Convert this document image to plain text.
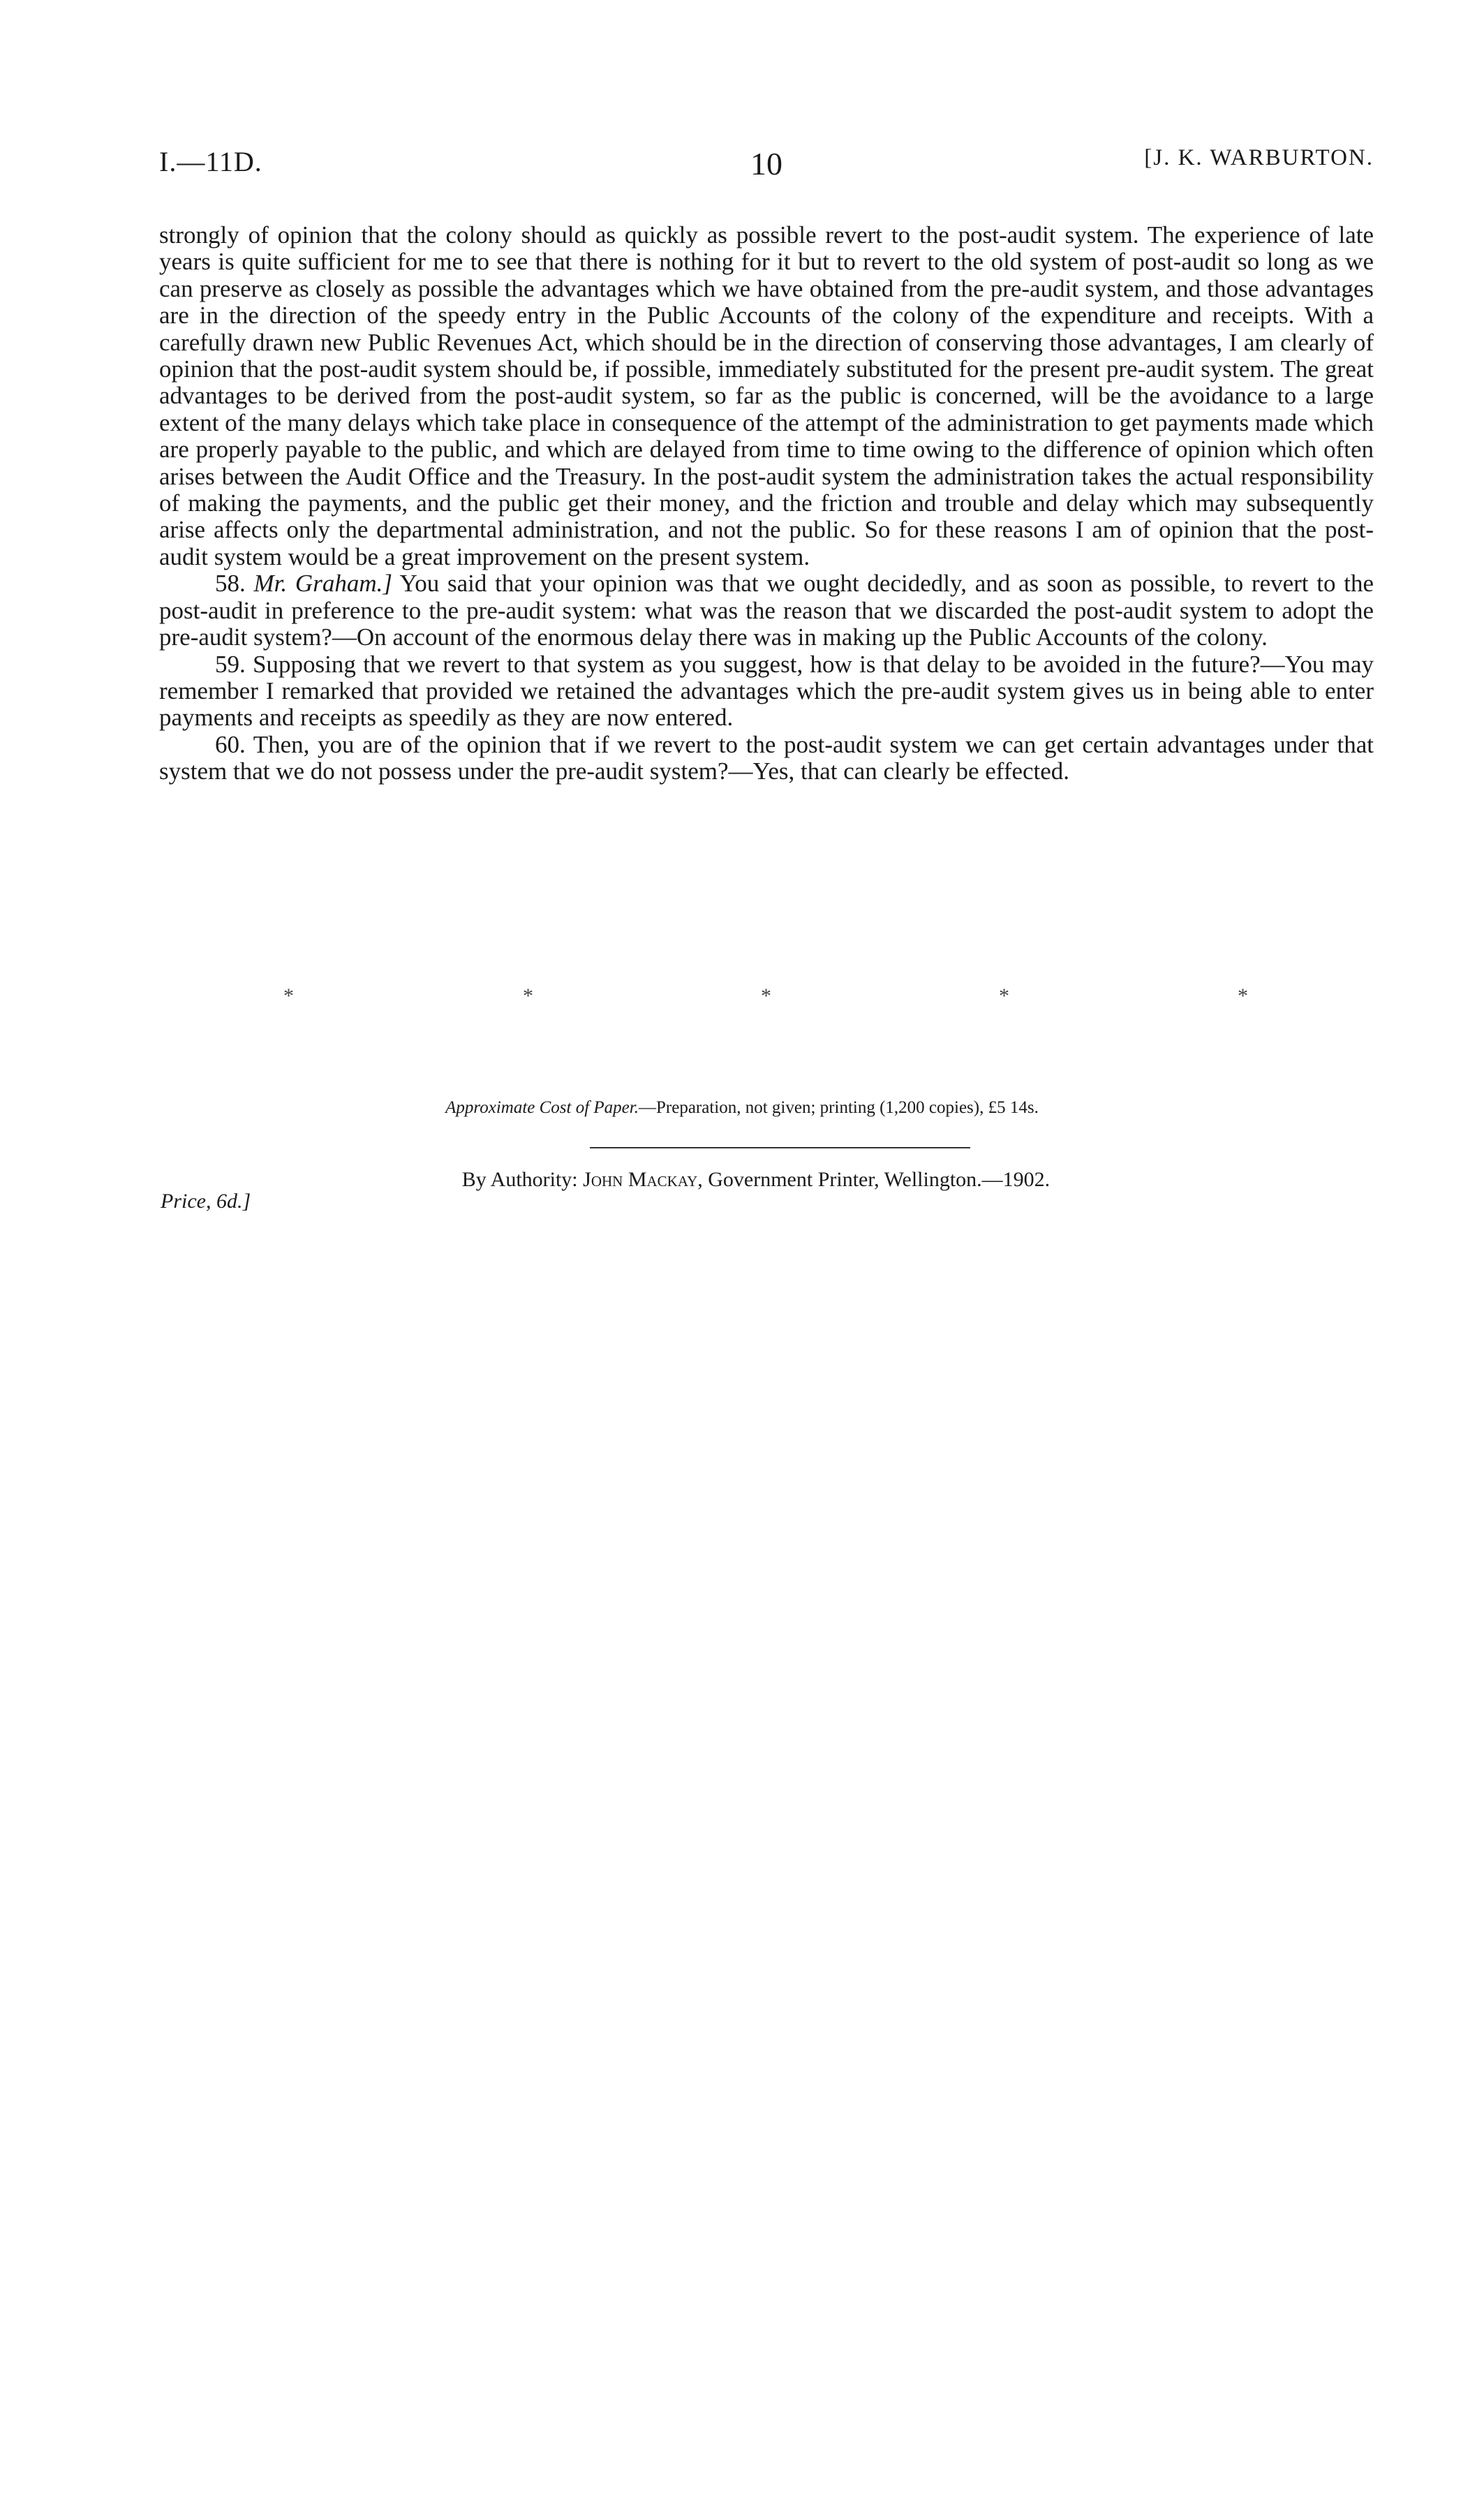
I.—11D.	10	[J. K. WARBURTON.

strongly of opinion that the colony should as quickly as possible revert to the post-audit system. The experience of late years is quite sufficient for me to see that there is nothing for it but to revert to the old system of post-audit so long as we can preserve as closely as possible the advantages which we have obtained from the pre-audit system, and those advantages are in the direction of the speedy entry in the Public Accounts of the colony of the expenditure and receipts. With a carefully drawn new Public Revenues Act, which should be in the direction of conserving those advantages, I am clearly of opinion that the post-audit system should be, if possible, immediately substituted for the present pre-audit system. The great advantages to be derived from the post-audit system, so far as the public is concerned, will be the avoidance to a large extent of the many delays which take place in consequence of the attempt of the administration to get payments made which are properly payable to the public, and which are delayed from time to time owing to the difference of opinion which often arises between the Audit Office and the Treasury. In the post-audit system the administration takes the actual responsibility of making the payments, and the public get their money, and the friction and trouble and delay which may subsequently arise affects only the departmental administration, and not the public. So for these reasons I am of opinion that the post-audit system would be a great improvement on the present system.

58. Mr. Graham.] You said that your opinion was that we ought decidedly, and as soon as possible, to revert to the post-audit in preference to the pre-audit system: what was the reason that we discarded the post-audit system to adopt the pre-audit system?—On account of the enormous delay there was in making up the Public Accounts of the colony.

59. Supposing that we revert to that system as you suggest, how is that delay to be avoided in the future?—You may remember I remarked that provided we retained the advantages which the pre-audit system gives us in being able to enter payments and receipts as speedily as they are now entered.

60. Then, you are of the opinion that if we revert to the post-audit system we can get certain advantages under that system that we do not possess under the pre-audit system?—Yes, that can clearly be effected.

*	*	*	*	*
Approximate Cost of Paper.—Preparation, not given; printing (1,200 copies), £5 14s.
By Authority: John Mackay, Government Printer, Wellington.—1902.
Price, 6d.]
